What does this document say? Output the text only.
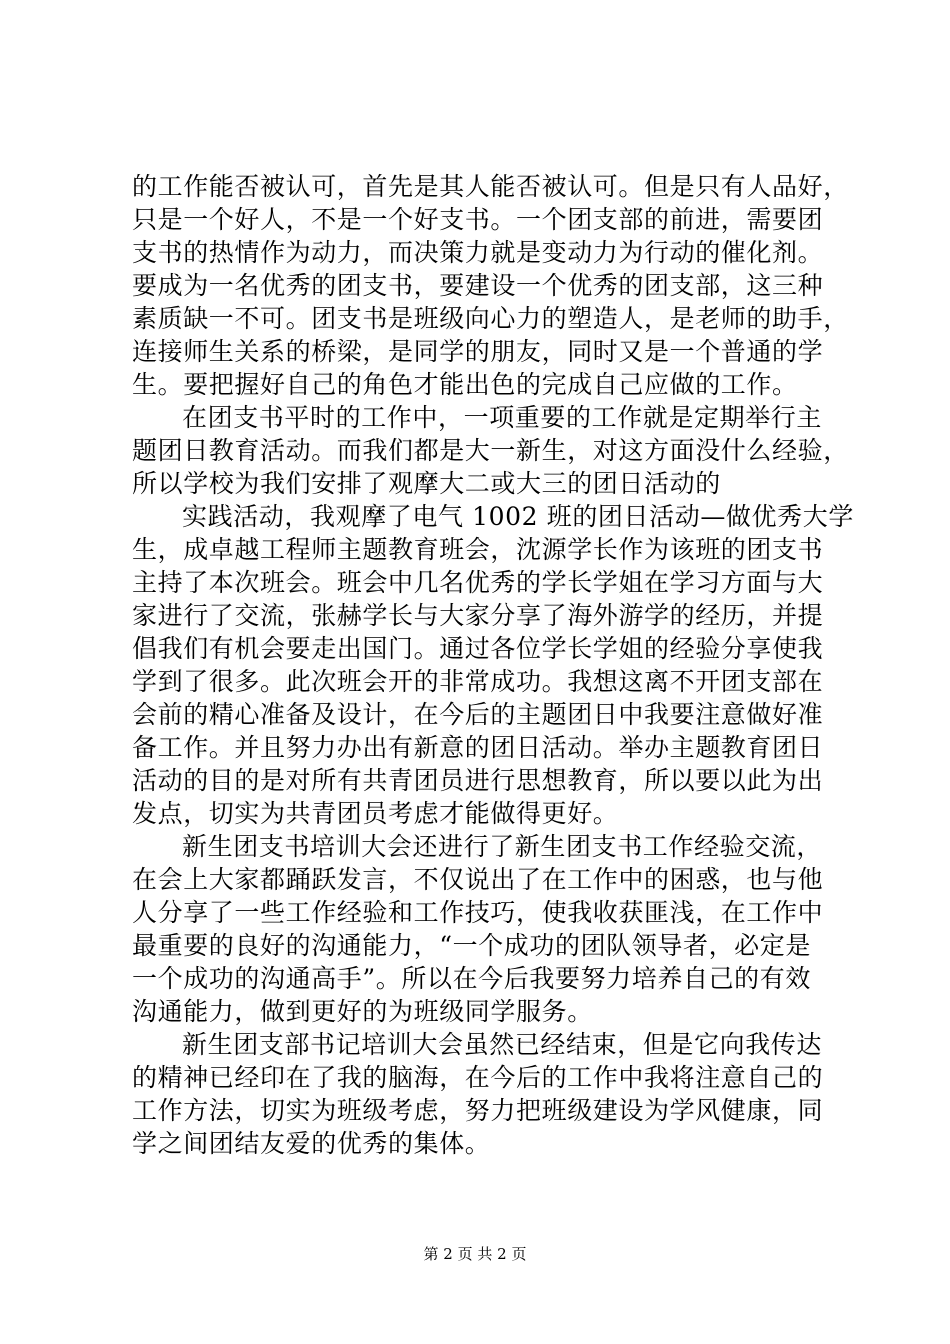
的工作能否被认可，首先是其人能否被认可。但是只有人品好，
只是一个好人，不是一个好支书。一个团支部的前进，需要团
支书的热情作为动力，而决策力就是变动力为行动的催化剂。
要成为一名优秀的团支书，要建设一个优秀的团支部，这三种
素质缺一不可。团支书是班级向心力的塑造人，是老师的助手，
连接师生关系的桥梁，是同学的朋友，同时又是一个普通的学
生。要把握好自己的角色才能出色的完成自己应做的工作。
在团支书平时的工作中，一项重要的工作就是定期举行主
题团日教育活动。而我们都是大一新生，对这方面没什么经验，
所以学校为我们安排了观摩大二或大三的团日活动的
实践活动，我观摩了电气 1002 班的团日活动—做优秀大学
生，成卓越工程师主题教育班会，沈源学长作为该班的团支书
主持了本次班会。班会中几名优秀的学长学姐在学习方面与大
家进行了交流，张赫学长与大家分享了海外游学的经历，并提
倡我们有机会要走出国门。通过各位学长学姐的经验分享使我
学到了很多。此次班会开的非常成功。我想这离不开团支部在
会前的精心准备及设计，在今后的主题团日中我要注意做好准
备工作。并且努力办出有新意的团日活动。举办主题教育团日
活动的目的是对所有共青团员进行思想教育，所以要以此为出
发点，切实为共青团员考虑才能做得更好。
新生团支书培训大会还进行了新生团支书工作经验交流，
在会上大家都踊跃发言，不仅说出了在工作中的困惑，也与他
人分享了一些工作经验和工作技巧，使我收获匪浅，在工作中
最重要的良好的沟通能力，“一个成功的团队领导者，必定是
一个成功的沟通高手”。所以在今后我要努力培养自己的有效
沟通能力，做到更好的为班级同学服务。
新生团支部书记培训大会虽然已经结束，但是它向我传达
的精神已经印在了我的脑海，在今后的工作中我将注意自己的
工作方法，切实为班级考虑，努力把班级建设为学风健康，同
学之间团结友爱的优秀的集体。
第 2 页 共 2 页
